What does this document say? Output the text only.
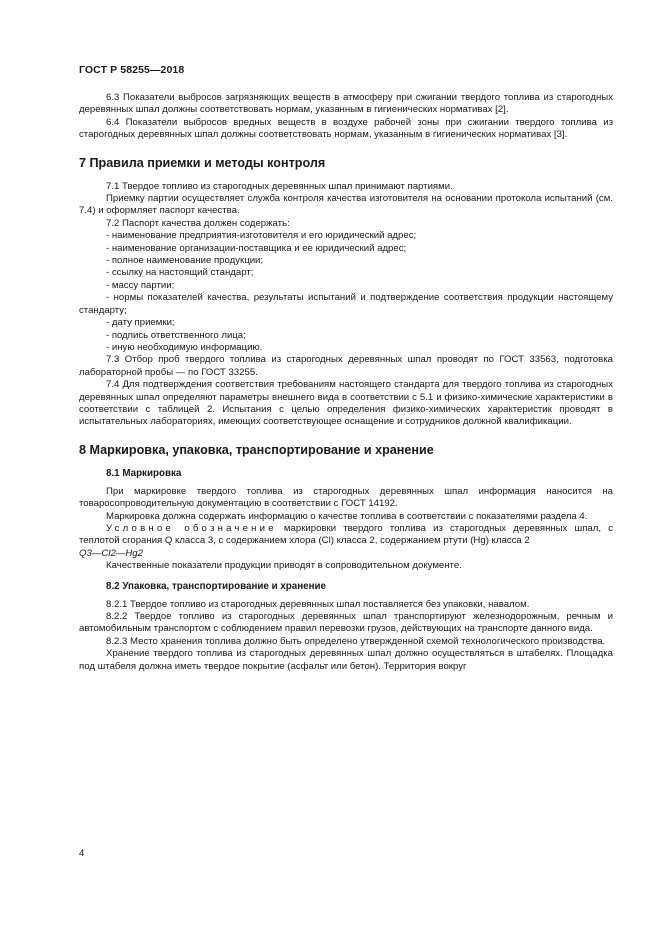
ГОСТ Р 58255—2018

6.3 Показатели выбросов загрязняющих веществ в атмосферу при сжигании твердого топлива из старогодных деревянных шпал должны соответствовать нормам, указанным в гигиенических нормативах [2].

6.4 Показатели выбросов вредных веществ в воздухе рабочей зоны при сжигании твердого топлива из старогодных деревянных шпал должны соответствовать нормам, указанным в гигиенических нормативах [3].

7 Правила приемки и методы контроля

7.1 Твердое топливо из старогодных деревянных шпал принимают партиями.

Приемку партии осуществляет служба контроля качества изготовителя на основании протокола испытаний (см. 7.4) и оформляет паспорт качества.

7.2 Паспорт качества должен содержать:

- наименование предприятия-изготовителя и его юридический адрес;

- наименование организации-поставщика и ее юридический адрес;

- полное наименование продукции;

- ссылку на настоящий стандарт;

- массу партии;

- нормы показателей качества, результаты испытаний и подтверждение соответствия продукции настоящему стандарту;

- дату приемки;

- подпись ответственного лица;

- иную необходимую информацию.

7.3 Отбор проб твердого топлива из старогодных деревянных шпал проводят по ГОСТ 33563, подготовка лабораторной пробы — по ГОСТ 33255.

7.4 Для подтверждения соответствия требованиям настоящего стандарта для твердого топлива из старогодных деревянных шпал определяют параметры внешнего вида в соответствии с 5.1 и физико-химические характеристики в соответствии с таблицей 2. Испытания с целью определения физико-химических характеристик проводят в испытательных лабораториях, имеющих соответствующее оснащение и сотрудников должной квалификации.

8 Маркировка, упаковка, транспортирование и хранение
8.1 Маркировка

При маркировке твердого топлива из старогодных деревянных шпал информация наносится на товаросопроводительную документацию в соответствии с ГОСТ 14192.

Маркировка должна содержать информацию о качестве топлива в соответствии с показателями раздела 4.

Условное обозначение маркировки твердого топлива из старогодных деревянных шпал, с теплотой сгорания Q класса 3, с содержанием хлора (Cl) класса 2, содержанием ртути (Hg) класса 2

Q3—Cl2—Hg2

Качественные показатели продукции приводят в сопроводительном документе.

8.2 Упаковка, транспортирование и хранение

8.2.1 Твердое топливо из старогодных деревянных шпал поставляется без упаковки, навалом.

8.2.2 Твердое топливо из старогодных деревянных шпал транспортируют железнодорожным, речным и автомобильным транспортом с соблюдением правил перевозки грузов, действующих на транспорте данного вида.

8.2.3 Место хранения топлива должно быть определено утвержденной схемой технологического производства.

Хранение твердого топлива из старогодных деревянных шпал должно осуществляться в штабелях. Площадка под штабеля должна иметь твердое покрытие (асфальт или бетон). Территория вокруг

4
